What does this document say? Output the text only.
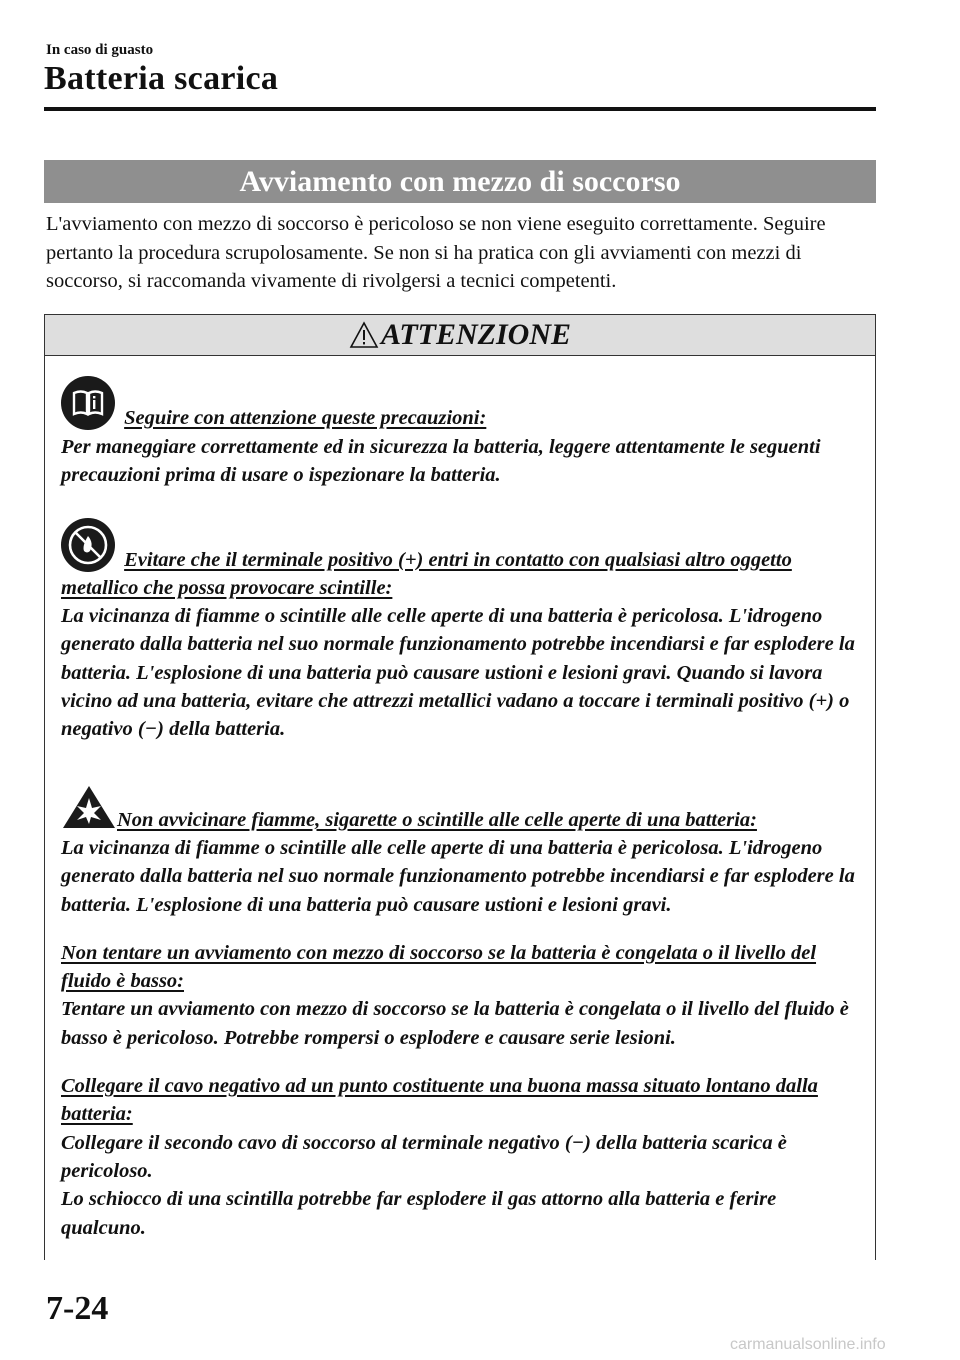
In caso di guasto
Batteria scarica
Avviamento con mezzo di soccorso

L'avviamento con mezzo di soccorso è pericoloso se non viene eseguito correttamente. Seguire pertanto la procedura scrupolosamente. Se non si ha pratica con gli avviamenti con mezzi di soccorso, si raccomanda vivamente di rivolgersi a tecnici competenti.

ATTENZIONE

Seguire con attenzione queste precauzioni:

Per maneggiare correttamente ed in sicurezza la batteria, leggere attentamente le seguenti precauzioni prima di usare o ispezionare la batteria.

Evitare che il terminale positivo (+) entri in contatto con qualsiasi altro oggetto metallico che possa provocare scintille:

La vicinanza di fiamme o scintille alle celle aperte di una batteria è pericolosa. L'idrogeno generato dalla batteria nel suo normale funzionamento potrebbe incendiarsi e far esplodere la batteria. L'esplosione di una batteria può causare ustioni e lesioni gravi. Quando si lavora vicino ad una batteria, evitare che attrezzi metallici vadano a toccare i terminali positivo (+) o negativo (−) della batteria.

Non avvicinare fiamme, sigarette o scintille alle celle aperte di una batteria:

La vicinanza di fiamme o scintille alle celle aperte di una batteria è pericolosa. L'idrogeno generato dalla batteria nel suo normale funzionamento potrebbe incendiarsi e far esplodere la batteria. L'esplosione di una batteria può causare ustioni e lesioni gravi.

Non tentare un avviamento con mezzo di soccorso se la batteria è congelata o il livello del fluido è basso:

Tentare un avviamento con mezzo di soccorso se la batteria è congelata o il livello del fluido è basso è pericoloso. Potrebbe rompersi o esplodere e causare serie lesioni.

Collegare il cavo negativo ad un punto costituente una buona massa situato lontano dalla batteria:

Collegare il secondo cavo di soccorso al terminale negativo (−) della batteria scarica è pericoloso.

Lo schiocco di una scintilla potrebbe far esplodere il gas attorno alla batteria e ferire qualcuno.

7-24
carmanualsonline.info
